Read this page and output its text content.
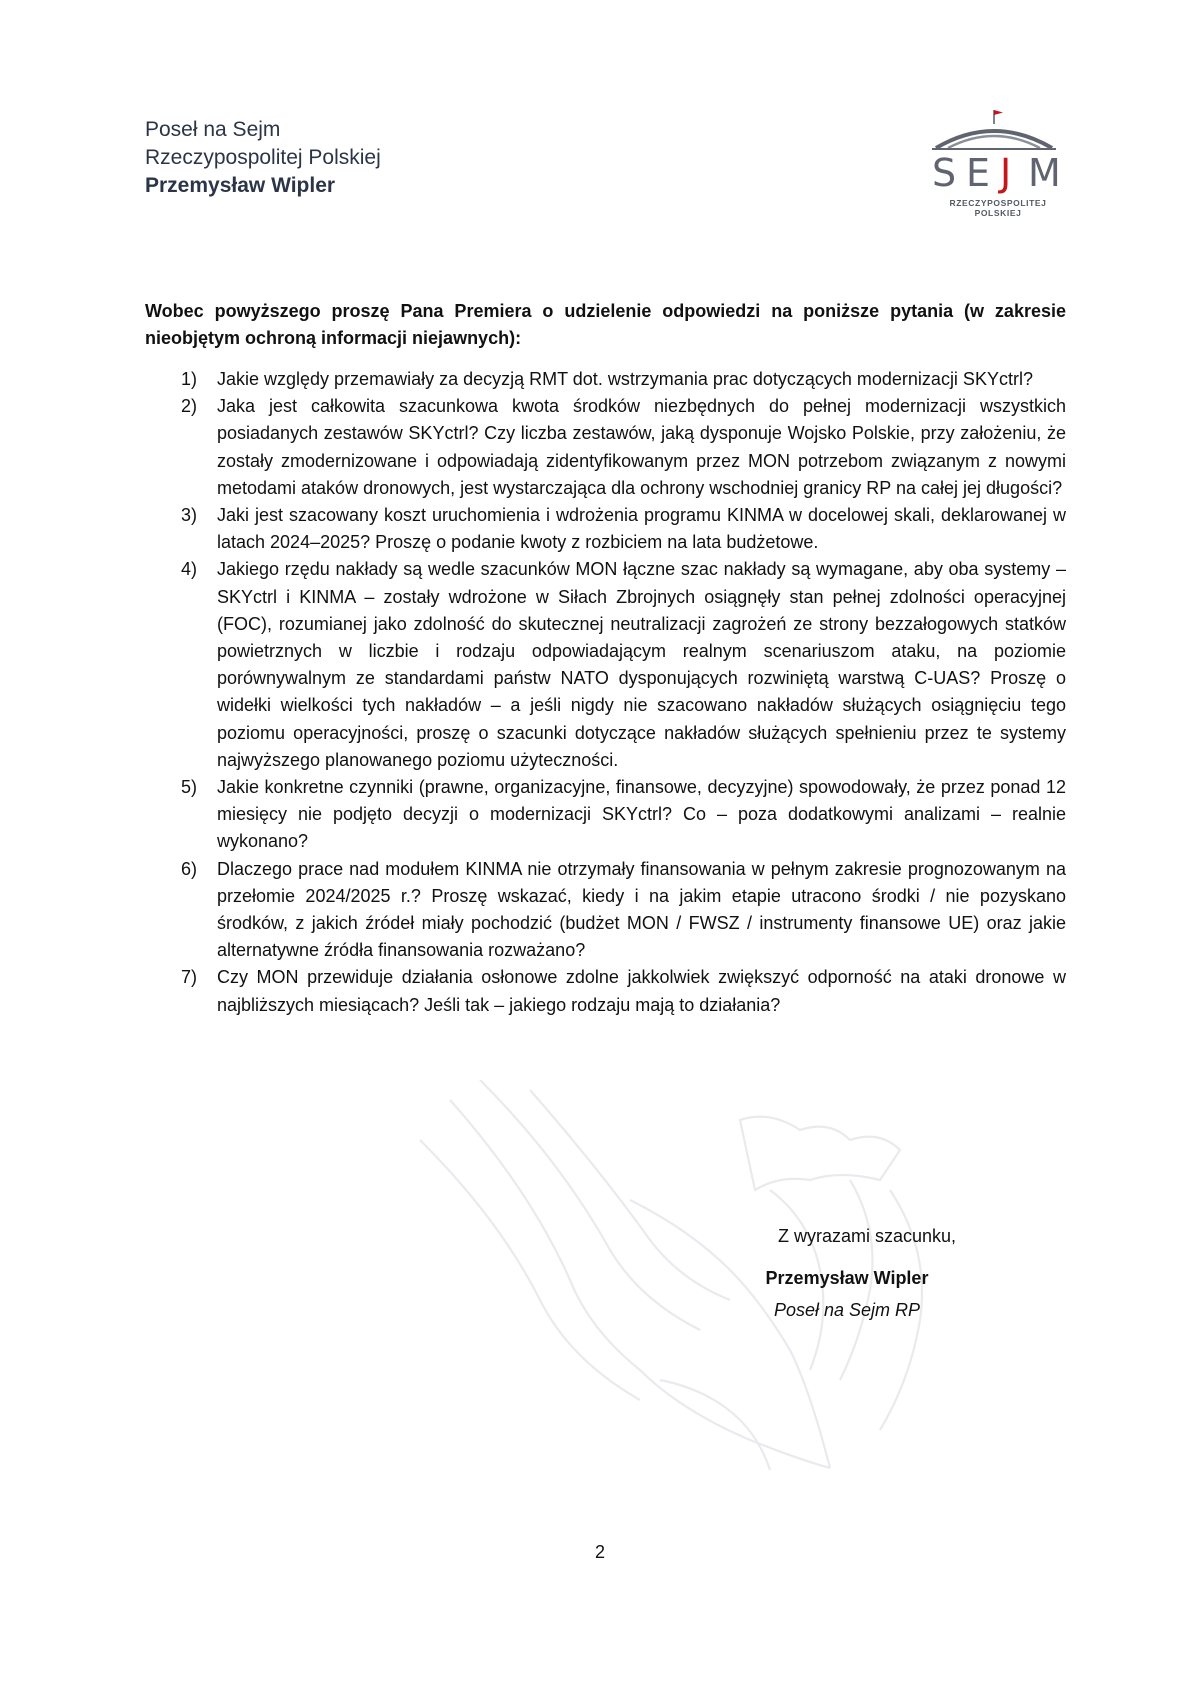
Poseł na Sejm
Rzeczypospolitej Polskiej
Przemysław Wipler	S E J M
RZECZYPOSPOLITEJ POLSKIEJ
Wobec powyższego proszę Pana Premiera o udzielenie odpowiedzi na poniższe pytania (w zakresie nieobjętym ochroną informacji niejawnych):
1) Jakie względy przemawiały za decyzją RMT dot. wstrzymania prac dotyczących modernizacji SKYctrl?
2) Jaka jest całkowita szacunkowa kwota środków niezbędnych do pełnej modernizacji wszystkich posiadanych zestawów SKYctrl? Czy liczba zestawów, jaką dysponuje Wojsko Polskie, przy założeniu, że zostały zmodernizowane i odpowiadają zidentyfikowanym przez MON potrzebom związanym z nowymi metodami ataków dronowych, jest wystarczająca dla ochrony wschodniej granicy RP na całej jej długości?
3) Jaki jest szacowany koszt uruchomienia i wdrożenia programu KINMA w docelowej skali, deklarowanej w latach 2024–2025? Proszę o podanie kwoty z rozbiciem na lata budżetowe.
4) Jakiego rzędu nakłady są wedle szacunków MON łączne szac nakłady są wymagane, aby oba systemy – SKYctrl i KINMA – zostały wdrożone w Siłach Zbrojnych osiągnęły stan pełnej zdolności operacyjnej (FOC), rozumianej jako zdolność do skutecznej neutralizacji zagrożeń ze strony bezzałogowych statków powietrznych w liczbie i rodzaju odpowiadającym realnym scenariuszom ataku, na poziomie porównywalnym ze standardami państw NATO dysponujących rozwiniętą warstwą C-UAS? Proszę o widełki wielkości tych nakładów – a jeśli nigdy nie szacowano nakładów służących osiągnięciu tego poziomu operacyjności, proszę o szacunki dotyczące nakładów służących spełnieniu przez te systemy najwyższego planowanego poziomu użyteczności.
5) Jakie konkretne czynniki (prawne, organizacyjne, finansowe, decyzyjne) spowodowały, że przez ponad 12 miesięcy nie podjęto decyzji o modernizacji SKYctrl? Co – poza dodatkowymi analizami – realnie wykonano?
6) Dlaczego prace nad modułem KINMA nie otrzymały finansowania w pełnym zakresie prognozowanym na przełomie 2024/2025 r.? Proszę wskazać, kiedy i na jakim etapie utracono środki / nie pozyskano środków, z jakich źródeł miały pochodzić (budżet MON / FWSZ / instrumenty finansowe UE) oraz jakie alternatywne źródła finansowania rozważano?
7) Czy MON przewiduje działania osłonowe zdolne jakkolwiek zwiększyć odporność na ataki dronowe w najbliższych miesiącach? Jeśli tak – jakiego rodzaju mają to działania?
Z wyrazami szacunku,
Przemysław Wipler
Poseł na Sejm RP
2
